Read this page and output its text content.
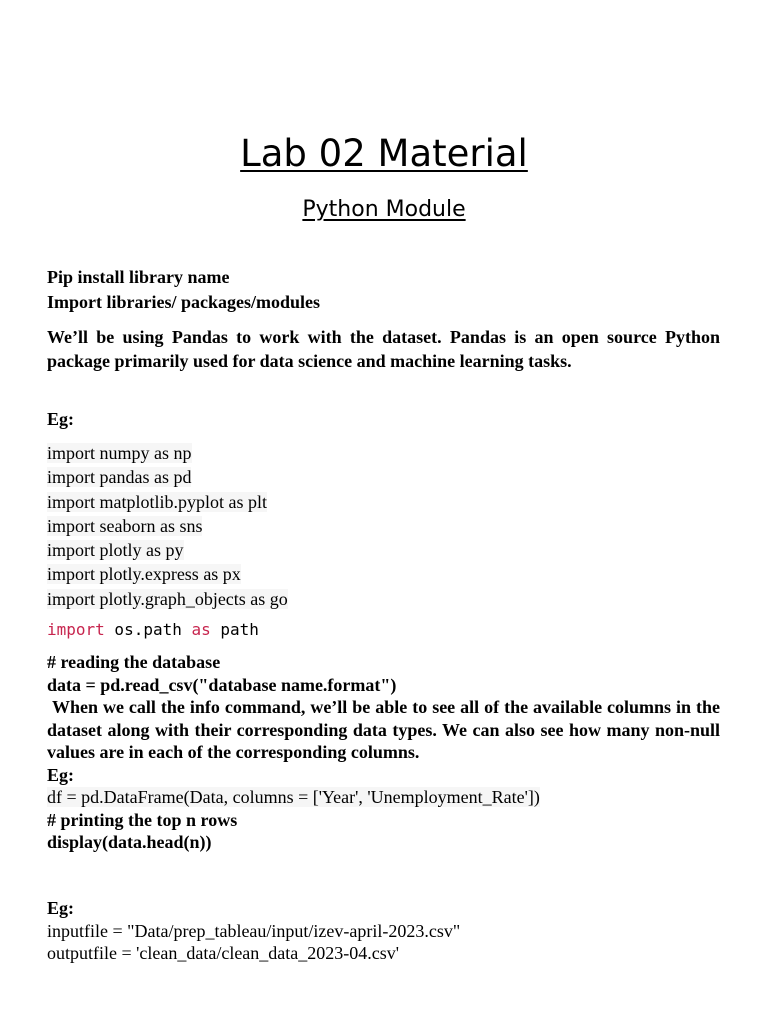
Lab 02 Material
Python Module
Pip install library name
Import libraries/ packages/modules
We’ll be using Pandas to work with the dataset. Pandas is an open source Python package primarily used for data science and machine learning tasks.
Eg:
import numpy as np
import pandas as pd
import matplotlib.pyplot as plt
import seaborn as sns
import plotly as py
import plotly.express as px
import plotly.graph_objects as go
import os.path as path
# reading the database
data = pd.read_csv("database name.format")
When we call the info command, we’ll be able to see all of the available columns in the dataset along with their corresponding data types. We can also see how many non-null values are in each of the corresponding columns.
Eg:
df = pd.DataFrame(Data, columns = ['Year', 'Unemployment_Rate'])
# printing the top n rows
display(data.head(n))
Eg:
inputfile = "Data/prep_tableau/input/izev-april-2023.csv"
outputfile = 'clean_data/clean_data_2023-04.csv'
